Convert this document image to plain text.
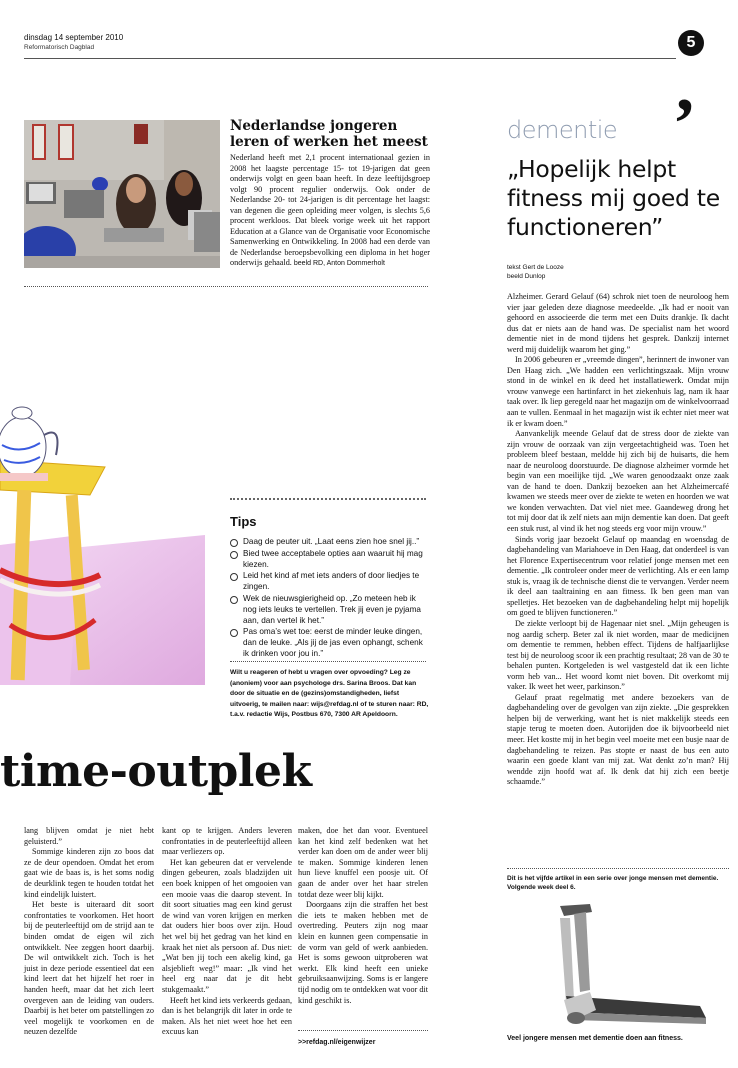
dinsdag 14 september 2010
Reformatorisch Dagblad	5
,
Nederlandse jongeren leren of werken het meest
Nederland heeft met 2,1 procent internationaal gezien in 2008 het laagste percentage 15- tot 19-jarigen dat geen onderwijs volgt en geen baan heeft. In deze leeftijdsgroep volgt 90 procent regulier onderwijs. Ook onder de Nederlandse 20- tot 24-jarigen is dit percentage het laagst: van degenen die geen opleiding meer volgen, is slechts 5,6 procent werkloos. Dat bleek vorige week uit het rapport Education at a Glance van de Organisatie voor Economische Samenwerking en Ontwikkeling. In 2008 had een derde van de Nederlandse beroepsbevolking een diploma in het hoger onderwijs gehaald. beeld RD, Anton Dommerholt
Tips
Daag de peuter uit. „Laat eens zien hoe snel jij..”
Bied twee acceptabele opties aan waaruit hij mag kiezen.
Leid het kind af met iets anders of door liedjes te zingen.
Wek de nieuwsgierigheid op. „Zo meteen heb ik nog iets leuks te vertellen. Trek jij even je pyjama aan, dan vertel ik het.”
Pas oma’s wet toe: eerst de minder leuke dingen, dan de leuke. „Als jij de jas even ophangt, schenk ik drinken voor jou in.”
Wilt u reageren of hebt u vragen over opvoeding? Leg ze (anoniem) voor aan psychologe drs. Sarina Broos. Dat kan door de situatie en de (gezins)omstandigheden, liefst uitvoerig, te mailen naar: wijs@refdag.nl of te sturen naar: RD, t.a.v. redactie Wijs, Postbus 670, 7300 AR Apeldoorn.
time-outplek

lang blijven omdat je niet hebt geluisterd.”

Sommige kinderen zijn zo boos dat ze de deur opendoen. Omdat het erom gaat wie de baas is, is het soms nodig de deurklink tegen te houden totdat het kind eindelijk luistert.

Het beste is uiteraard dit soort confrontaties te voorkomen. Het hoort bij de peuterleeftijd om de strijd aan te binden omdat de eigen wil zich ontwikkelt. Nee zeggen hoort daarbij. De wil ontwikkelt zich. Toch is het juist in deze periode essentieel dat een kind leert dat het hijzelf het roer in handen heeft, maar dat het zich leert overgeven aan de leiding van ouders. Daarbij is het beter om patstellingen zo veel mogelijk te voorkomen en de neuzen dezelfde

kant op te krijgen. Anders leveren confrontaties in de peuterleeftijd alleen maar verliezers op.

Het kan gebeuren dat er vervelende dingen gebeuren, zoals bladzijden uit een boek knippen of het omgooien van een mooie vaas die daarop stevent. In dit soort situaties mag een kind gerust de wind van voren krijgen en merken dat ouders hier boos over zijn. Houd het wel bij het gedrag van het kind en kraak het niet als persoon af. Dus niet: „Wat ben jij toch een akelig kind, ga alsjeblieft weg!” maar: „Ik vind het heel erg naar dat je dit hebt stukgemaakt.”

Heeft het kind iets verkeerds gedaan, dan is het belangrijk dit later in orde te maken. Als het niet weet hoe het een excuus kan

maken, doe het dan voor. Eventueel kan het kind zelf bedenken wat het verder kan doen om de ander weer blij te maken. Sommige kinderen lenen hun lieve knuffel een poosje uit. Of gaan de ander over het haar strelen totdat deze weer blij kijkt.

Doorgaans zijn die straffen het best die iets te maken hebben met de overtreding. Peuters zijn nog maar klein en kunnen geen compensatie in de vorm van geld of werk aanbieden. Het is soms gewoon uitproberen wat werkt. Elk kind heeft een unieke gebruiksaanwijzing. Soms is er langere tijd nodig om te ontdekken wat voor dit kind geschikt is.

>>refdag.nl/eigenwijzer
dementie
„Hopelijk helpt fitness mij goed te functioneren”
tekst Gert de Looze
beeld Dunlop

Alzheimer. Gerard Gelauf (64) schrok niet toen de neuroloog hem vier jaar geleden deze diagnose meedeelde. „Ik had er nooit van gehoord en associeerde die term met een Duits drankje. Ik dacht dus dat er niets aan de hand was. De specialist nam het woord dementie niet in de mond tijdens het gesprek. Dankzij internet werd mij duidelijk waarom het ging.”

In 2006 gebeuren er „vreemde dingen”, herinnert de inwoner van Den Haag zich. „We hadden een verlichtingszaak. Mijn vrouw stond in de winkel en ik deed het installatiewerk. Omdat mijn vrouw vanwege een hartinfarct in het ziekenhuis lag, nam ik haar taak over. Ik liep geregeld naar het magazijn om de winkelvoorraad aan te vullen. Eenmaal in het magazijn wist ik echter niet meer wat ik er kwam doen.”

Aanvankelijk meende Gelauf dat de stress door de ziekte van zijn vrouw de oorzaak van zijn vergeetachtigheid was. Toen het probleem bleef bestaan, meldde hij zich bij de huisarts, die hem naar de neuroloog doorstuurde. De diagnose alzheimer vormde het begin van een moeilijke tijd. „We waren genoodzaakt onze zaak van de hand te doen. Dankzij bezoeken aan het Alzheimercafé kwamen we steeds meer over de ziekte te weten en hoorden we wat we konden verwachten. Dat viel niet mee. Gaandeweg drong het tot mij door dat ik zelf niets aan mijn dementie kan doen. Dat geeft een stuk rust, al vind ik het nog steeds erg voor mijn vrouw.”

Sinds vorig jaar bezoekt Gelauf op maandag en woensdag de dagbehandeling van Mariahoeve in Den Haag, dat onderdeel is van het Florence Expertisecentrum voor relatief jonge mensen met een dementie. „Ik controleer onder meer de verlichting. Als er een lamp stuk is, vraag ik de technische dienst die te vervangen. Verder neem ik deel aan taaltraining en aan fitness. Ik ben geen man van spelletjes. Het bezoeken van de dagbehandeling helpt mij hopelijk om goed te blijven functioneren.”

De ziekte verloopt bij de Hagenaar niet snel. „Mijn geheugen is nog aardig scherp. Beter zal ik niet worden, maar de medicijnen om dementie te remmen, hebben effect. Tijdens de halfjaarlijkse test bij de neuroloog scoor ik een prachtig resultaat; 28 van de 30 te behalen punten. Kortgeleden is wel vastgesteld dat ik een lichte vorm heb van... Het woord komt niet boven. Dit overkomt mij vaker. Ik weet het weer, parkinson.”

Gelauf praat regelmatig met andere bezoekers van de dagbehandeling over de gevolgen van zijn ziekte. „Die gesprekken helpen bij de verwerking, want het is niet makkelijk steeds een stapje terug te moeten doen. Autorijden doe ik bijvoorbeeld niet meer. Het kostte mij in het begin veel moeite met een busje naar de dagbehandeling te reizen. Pas stopte er naast de bus een auto waarin een goede klant van mij zat. Wat denkt zo’n man? Hij wendde zijn hoofd wat af. Ik denk dat hij zich een beetje schaamde.”

Dit is het vijfde artikel in een serie over jonge mensen met dementie. Volgende week deel 6.
Veel jongere mensen met dementie doen aan fitness.
